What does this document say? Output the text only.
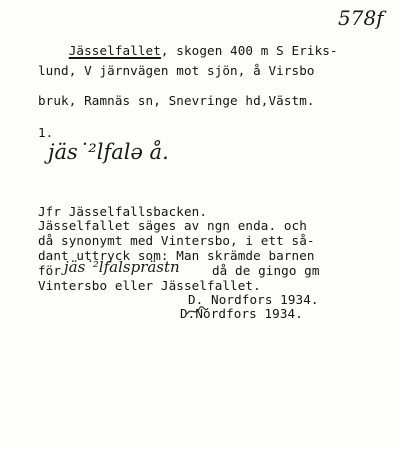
578f

Jässelfallet, skogen 400 m S Eriks-

lund, V järnvägen mot sjön, å Virsbo
bruk, Ramnäs sn, Snevringe hd,Västm.
1.
jäs˙²lfalə å.
Jfr Jässelfallsbacken.
Jässelfallet säges av ngn enda. och
då synonymt med Vintersbo, i ett så-
dant uttryck som: Man skrämde barnen
för jäs˙²lfalsprästn	då de gingo gm
Vintersbo eller Jässelfallet.
D. Nordfors 1934.
D.Nordfors 1934.
